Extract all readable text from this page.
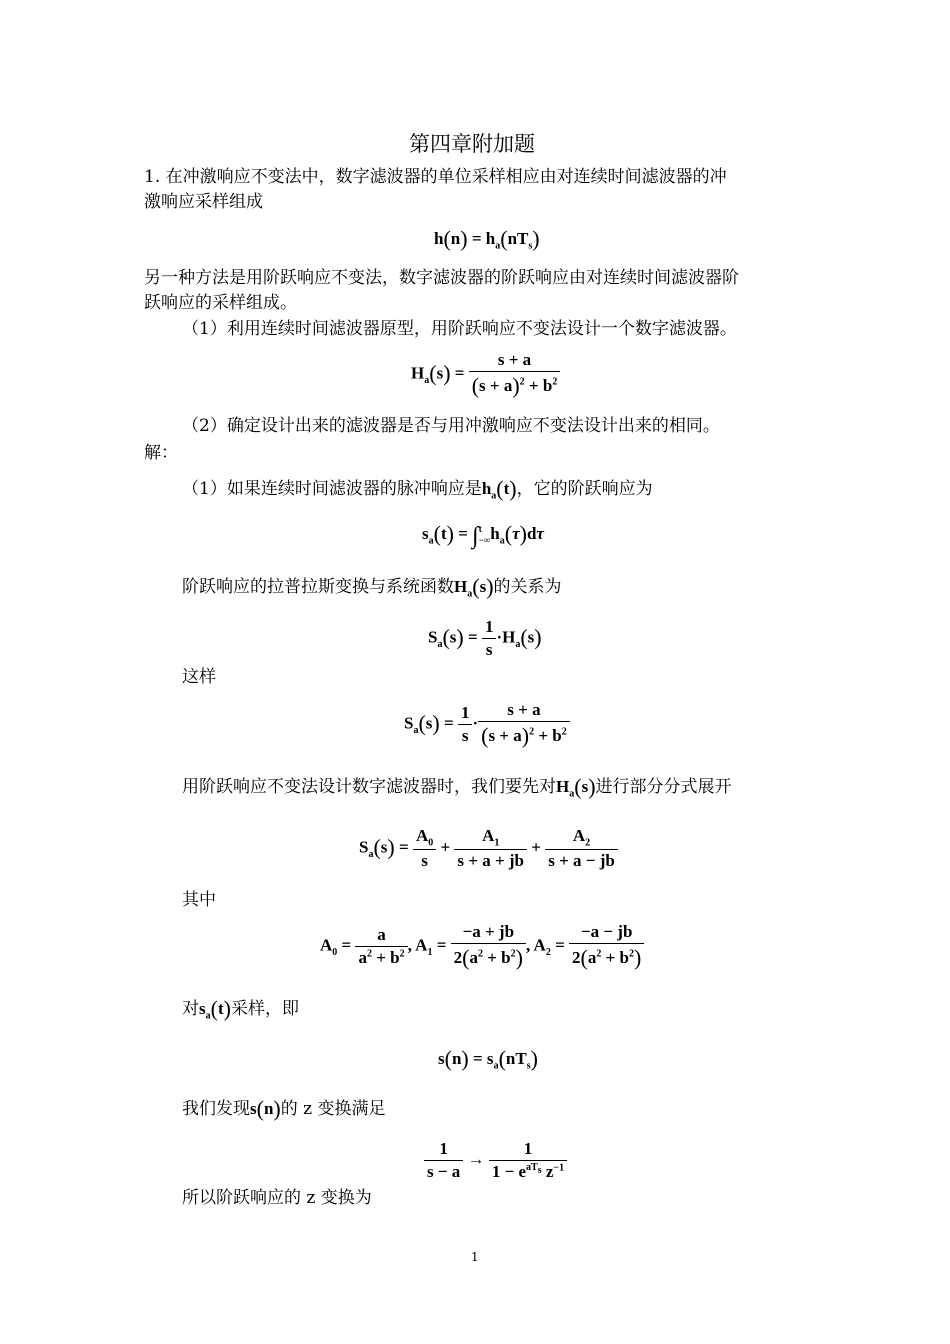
第四章附加题
1. 在冲激响应不变法中，数字滤波器的单位采样相应由对连续时间滤波器的冲
激响应采样组成
$h(n) = h_a(nT_s)$
另一种方法是用阶跃响应不变法，数字滤波器的阶跃响应由对连续时间滤波器阶
跃响应的采样组成。
（1）利用连续时间滤波器原型，用阶跃响应不变法设计一个数字滤波器。
$H_a(s) = \frac{s + a}{(s + a)^2 + b^2}$
（2）确定设计出来的滤波器是否与用冲激响应不变法设计出来的相同。
解：
（1）如果连续时间滤波器的脉冲响应是$h_a(t)$，它的阶跃响应为
$s_a(t) = \int t$
$-\infty h_a(\tau)d\tau$
阶跃响应的拉普拉斯变换与系统函数$H_a(s)$的关系为
$S_a(s) = \frac{1}{s} \cdot H_a(s)$
这样
$S_a(s) = \frac{1}{s} \cdot \frac{s + a}{(s + a)^2 + b^2}$
用阶跃响应不变法设计数字滤波器时，我们要先对$H_a(s)$进行部分分式展开
$S_a(s) = \frac{A_0}{s} + \frac{A_1}{s + a + jb} + \frac{A_2}{s + a - jb}$
其中
$A_0 = \frac{a}{a^2 + b^2}$ , $A_1 = \frac{-a + jb}{2(a^2 + b^2)}$ , $A_2 = \frac{-a - jb}{2(a^2 + b^2)}$
对$s_a(t)$采样，即
$s(n) = s_a(nT_s)$
我们发现s(n)的 z 变换满足
$\frac{1}{s - a} \to \frac{1}{1 - e^{aT_s} z^{-1}}$
所以阶跃响应的 z 变换为
1
